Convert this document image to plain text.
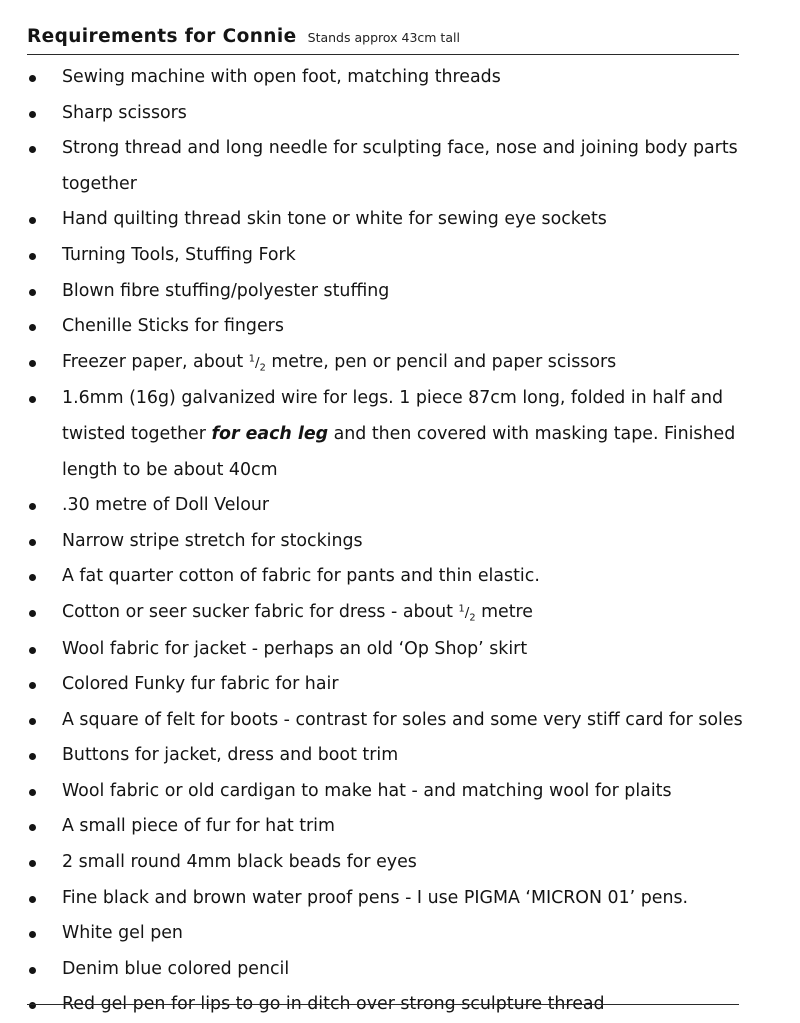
Requirements for Connie Stands approx 43cm tall
Sewing machine with open foot, matching threads
Sharp scissors
Strong thread and long needle for sculpting face, nose and joining body parts together
Hand quilting thread skin tone or white for sewing eye sockets
Turning Tools, Stuffing Fork
Blown fibre stuffing/polyester stuffing
Chenille Sticks for fingers
Freezer paper, about $^1/_2$ metre, pen or pencil and paper scissors
1.6mm (16g) galvanized wire for legs. 1 piece 87cm long, folded in half and twisted together for each leg and then covered with masking tape. Finished length to be about 40cm
.30 metre of Doll Velour
Narrow stripe stretch for stockings
A fat quarter cotton of fabric for pants and thin elastic.
Cotton or seer sucker fabric for dress - about $^1/_2$ metre
Wool fabric for jacket - perhaps an old ‘Op Shop’ skirt
Colored Funky fur fabric for hair
A square of felt for boots - contrast for soles and some very stiff card for soles
Buttons for jacket, dress and boot trim
Wool fabric or old cardigan to make hat - and matching wool for plaits
A small piece of fur for hat trim
2 small round 4mm black beads for eyes
Fine black and brown water proof pens - I use PIGMA ‘MICRON 01’ pens.
White gel pen
Denim blue colored pencil
Red gel pen for lips to go in ditch over strong sculpture thread
